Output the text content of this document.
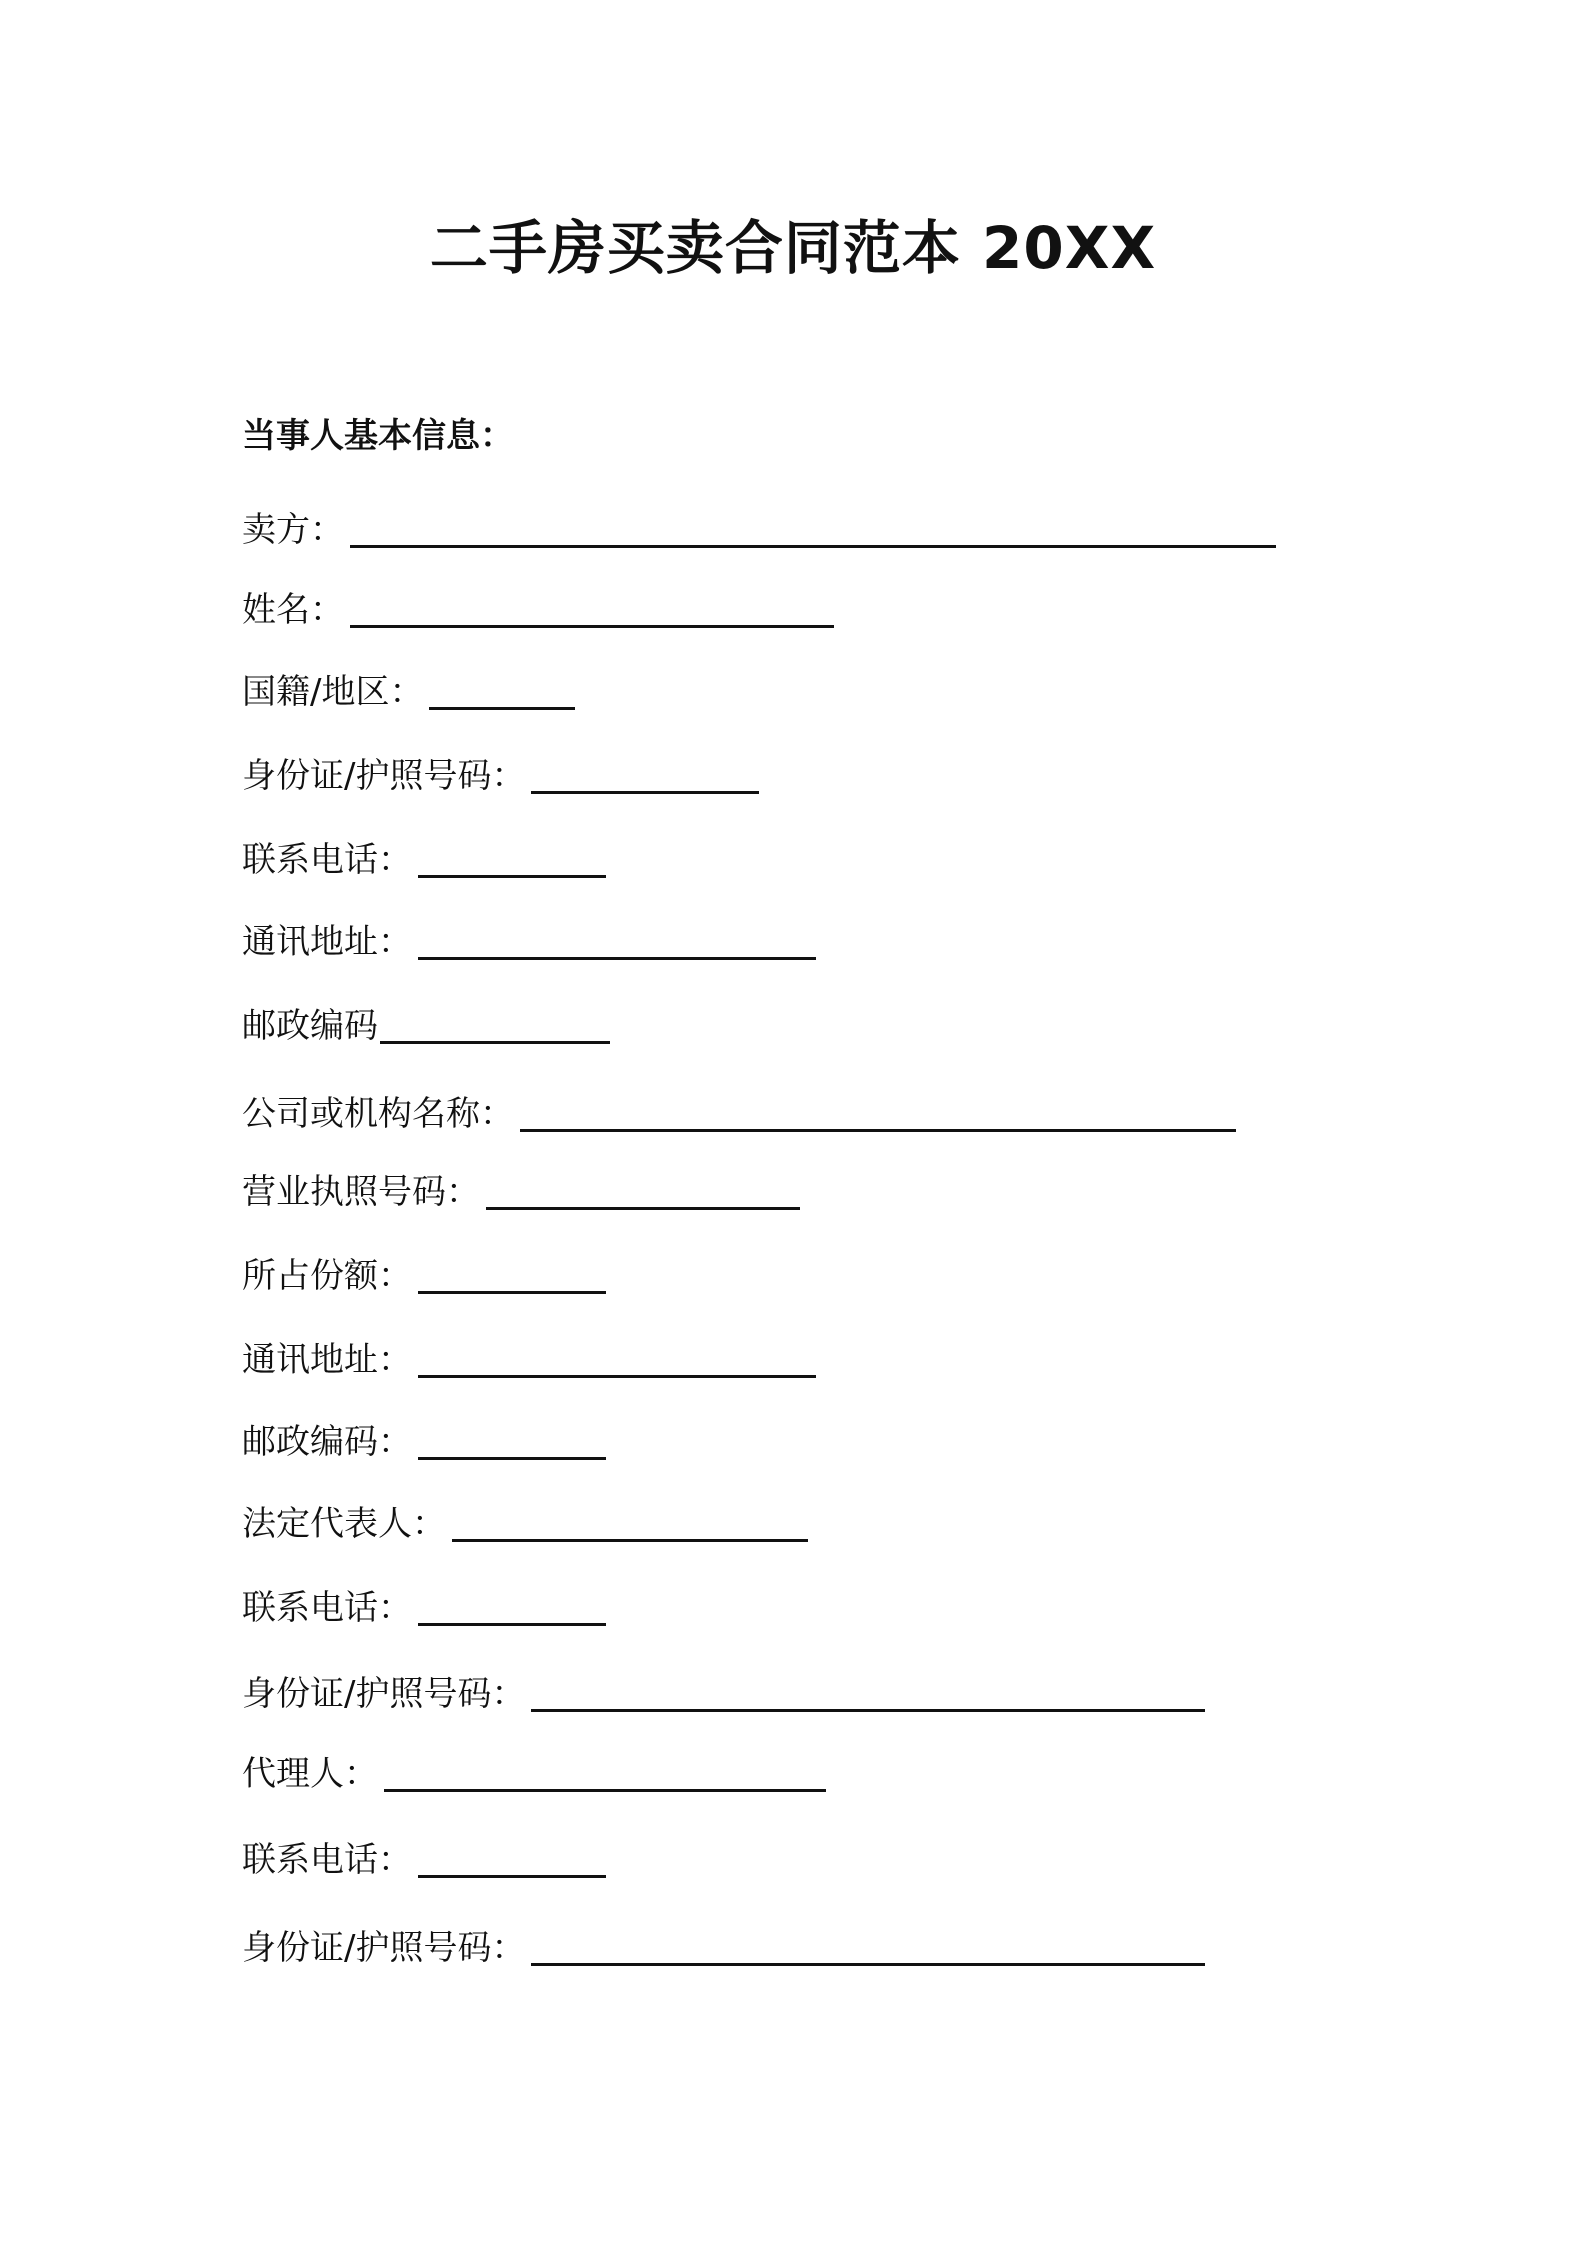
二手房买卖合同范本 20XX
当事人基本信息：
卖方：
姓名：
国籍/地区：
身份证/护照号码：
联系电话：
通讯地址：
邮政编码
公司或机构名称：
营业执照号码：
所占份额：
通讯地址：
邮政编码：
法定代表人：
联系电话：
身份证/护照号码：
代理人：
联系电话：
身份证/护照号码：
